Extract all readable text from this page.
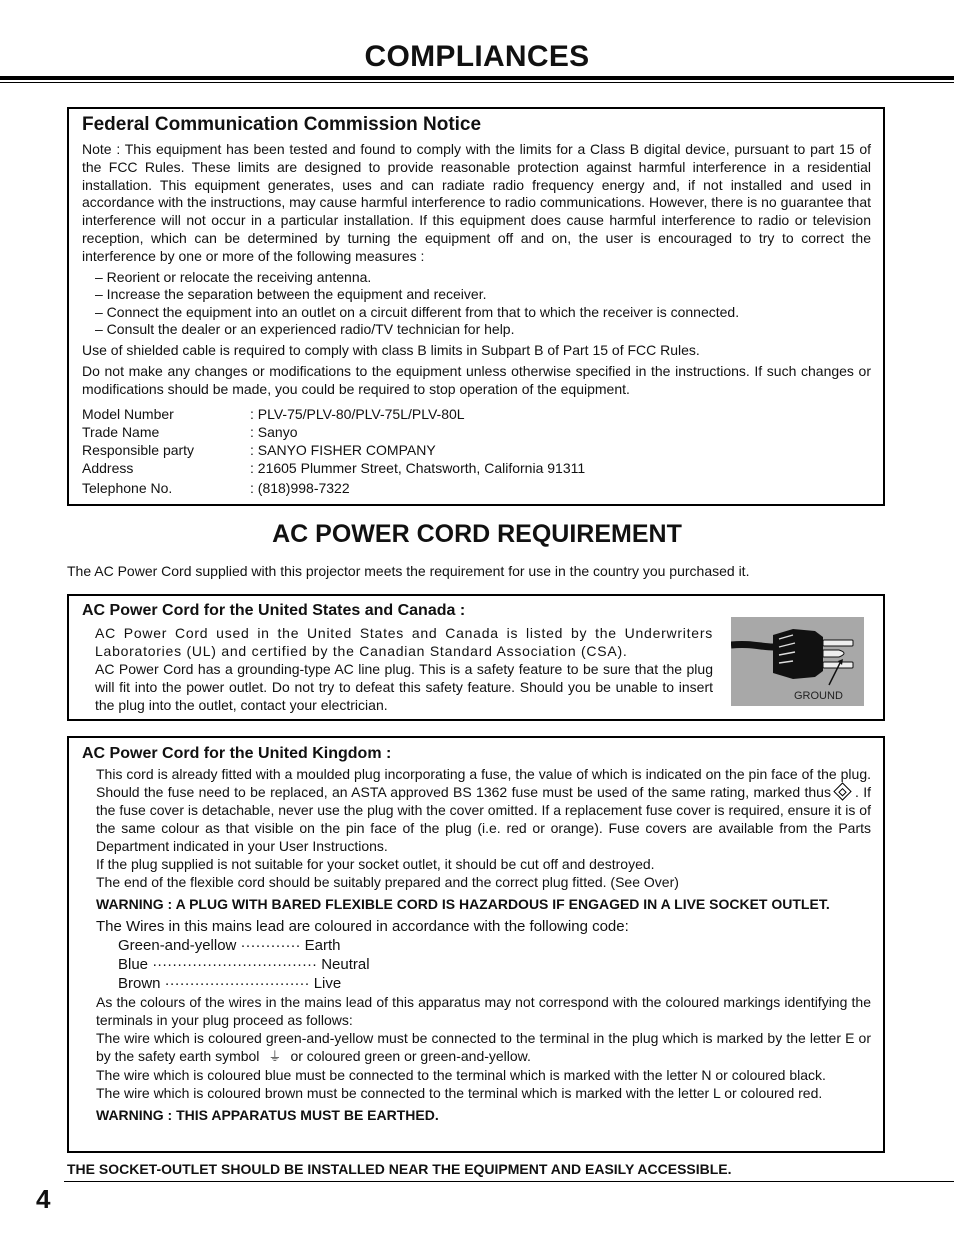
COMPLIANCES
Federal Communication Commission Notice

Note : This equipment has been tested and found to comply with the limits for a Class B digital device, pursuant to part 15 of the FCC Rules. These limits are designed to provide reasonable protection against harmful interference in a residential installation. This equipment generates, uses and can radiate radio frequency energy and, if not installed and used in accordance with the instructions, may cause harmful interference to radio communications. However, there is no guarantee that interference will not occur in a particular installation. If this equipment does cause harmful interference to radio or television reception, which can be determined by turning the equipment off and on, the user is encouraged to try to correct the interference by one or more of the following measures :

– Reorient or relocate the receiving antenna.
– Increase the separation between the equipment and receiver.
– Connect the equipment into an outlet on a circuit different from that to which the receiver is connected.
– Consult the dealer or an experienced radio/TV technician for help.

Use of shielded cable is required to comply with class B limits in Subpart B of Part 15 of FCC Rules.

Do not make any changes or modifications to the equipment unless otherwise specified in the instructions. If such changes or modifications should be made, you could be required to stop operation of the equipment.

Model Number	: PLV-75/PLV-80/PLV-75L/PLV-80L
Trade Name	: Sanyo
Responsible party	: SANYO FISHER COMPANY
Address	: 21605 Plummer Street, Chatsworth, California 91311
Telephone No.	: (818)998-7322
AC POWER CORD REQUIREMENT

The AC Power Cord supplied with this projector meets the requirement for use in the country you purchased it.

AC Power Cord for the United States and Canada :

AC Power Cord used in the United States and Canada is listed by the Underwriters Laboratories (UL) and certified by the Canadian Standard Association (CSA).

AC Power Cord has a grounding-type AC line plug. This is a safety feature to be sure that the plug will fit into the power outlet. Do not try to defeat this safety feature. Should you be unable to insert the plug into the outlet, contact your electrician.

GROUND
AC Power Cord for the United Kingdom :

This cord is already fitted with a moulded plug incorporating a fuse, the value of which is indicated on the pin face of the plug. Should the fuse need to be replaced, an ASTA approved BS 1362 fuse must be used of the same rating, marked thus . If the fuse cover is detachable, never use the plug with the cover omitted. If a replacement fuse cover is required, ensure it is of the same colour as that visible on the pin face of the plug (i.e. red or orange). Fuse covers are available from the Parts Department indicated in your User Instructions.

If the plug supplied is not suitable for your socket outlet, it should be cut off and destroyed.

The end of the flexible cord should be suitably prepared and the correct plug fitted. (See Over)

WARNING : A PLUG WITH BARED FLEXIBLE CORD IS HAZARDOUS IF ENGAGED IN A LIVE SOCKET OUTLET.

The Wires in this mains lead are coloured in accordance with the following code:

Green-and-yellow ············ Earth

Blue ································· Neutral

Brown ····························· Live

As the colours of the wires in the mains lead of this apparatus may not correspond with the coloured markings identifying the terminals in your plug proceed as follows:

The wire which is coloured green-and-yellow must be connected to the terminal in the plug which is marked by the letter E or by the safety earth symbol ⏚ or coloured green or green-and-yellow.

The wire which is coloured blue must be connected to the terminal which is marked with the letter N or coloured black.

The wire which is coloured brown must be connected to the terminal which is marked with the letter L or coloured red.

WARNING : THIS APPARATUS MUST BE EARTHED.

THE SOCKET-OUTLET SHOULD BE INSTALLED NEAR THE EQUIPMENT AND EASILY ACCESSIBLE.

4
